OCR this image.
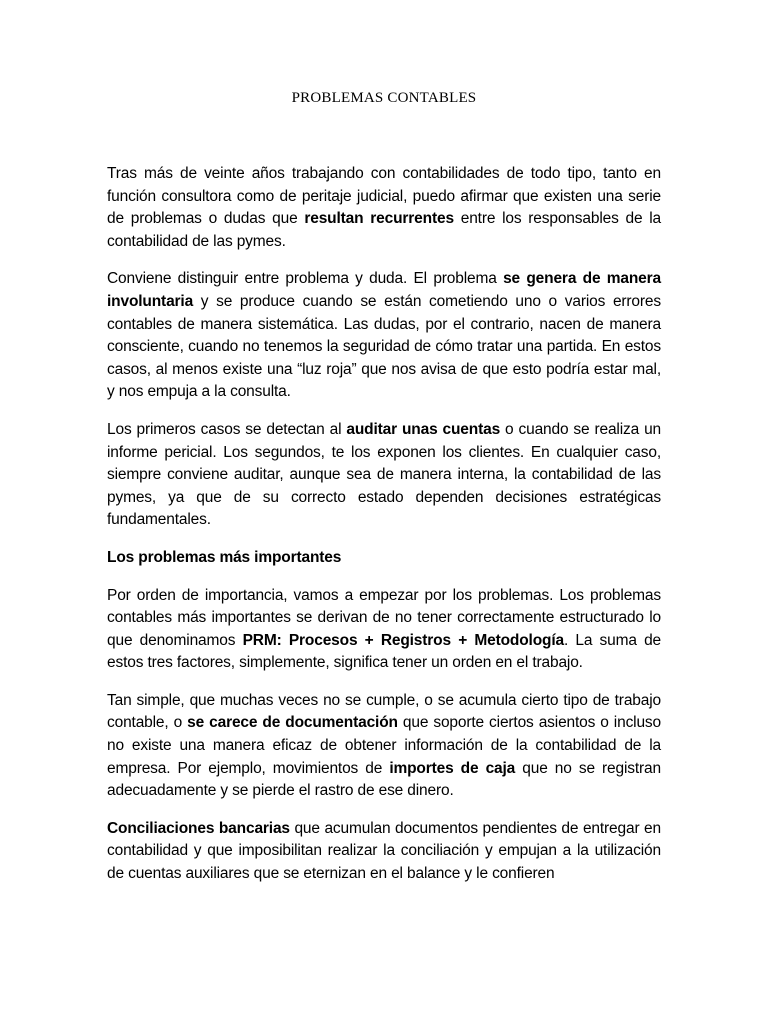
PROBLEMAS CONTABLES

Tras más de veinte años trabajando con contabilidades de todo tipo, tanto en función consultora como de peritaje judicial, puedo afirmar que existen una serie de problemas o dudas que resultan recurrentes entre los responsables de la contabilidad de las pymes.

Conviene distinguir entre problema y duda. El problema se genera de manera involuntaria y se produce cuando se están cometiendo uno o varios errores contables de manera sistemática. Las dudas, por el contrario, nacen de manera consciente, cuando no tenemos la seguridad de cómo tratar una partida. En estos casos, al menos existe una “luz roja” que nos avisa de que esto podría estar mal, y nos empuja a la consulta.

Los primeros casos se detectan al auditar unas cuentas o cuando se realiza un informe pericial. Los segundos, te los exponen los clientes. En cualquier caso, siempre conviene auditar, aunque sea de manera interna, la contabilidad de las pymes, ya que de su correcto estado dependen decisiones estratégicas fundamentales.

Los problemas más importantes

Por orden de importancia, vamos a empezar por los problemas. Los problemas contables más importantes se derivan de no tener correctamente estructurado lo que denominamos PRM: Procesos + Registros + Metodología. La suma de estos tres factores, simplemente, significa tener un orden en el trabajo.

Tan simple, que muchas veces no se cumple, o se acumula cierto tipo de trabajo contable, o se carece de documentación que soporte ciertos asientos o incluso no existe una manera eficaz de obtener información de la contabilidad de la empresa. Por ejemplo, movimientos de importes de caja que no se registran adecuadamente y se pierde el rastro de ese dinero.

Conciliaciones bancarias que acumulan documentos pendientes de entregar en contabilidad y que imposibilitan realizar la conciliación y empujan a la utilización de cuentas auxiliares que se eternizan en el balance y le confieren
